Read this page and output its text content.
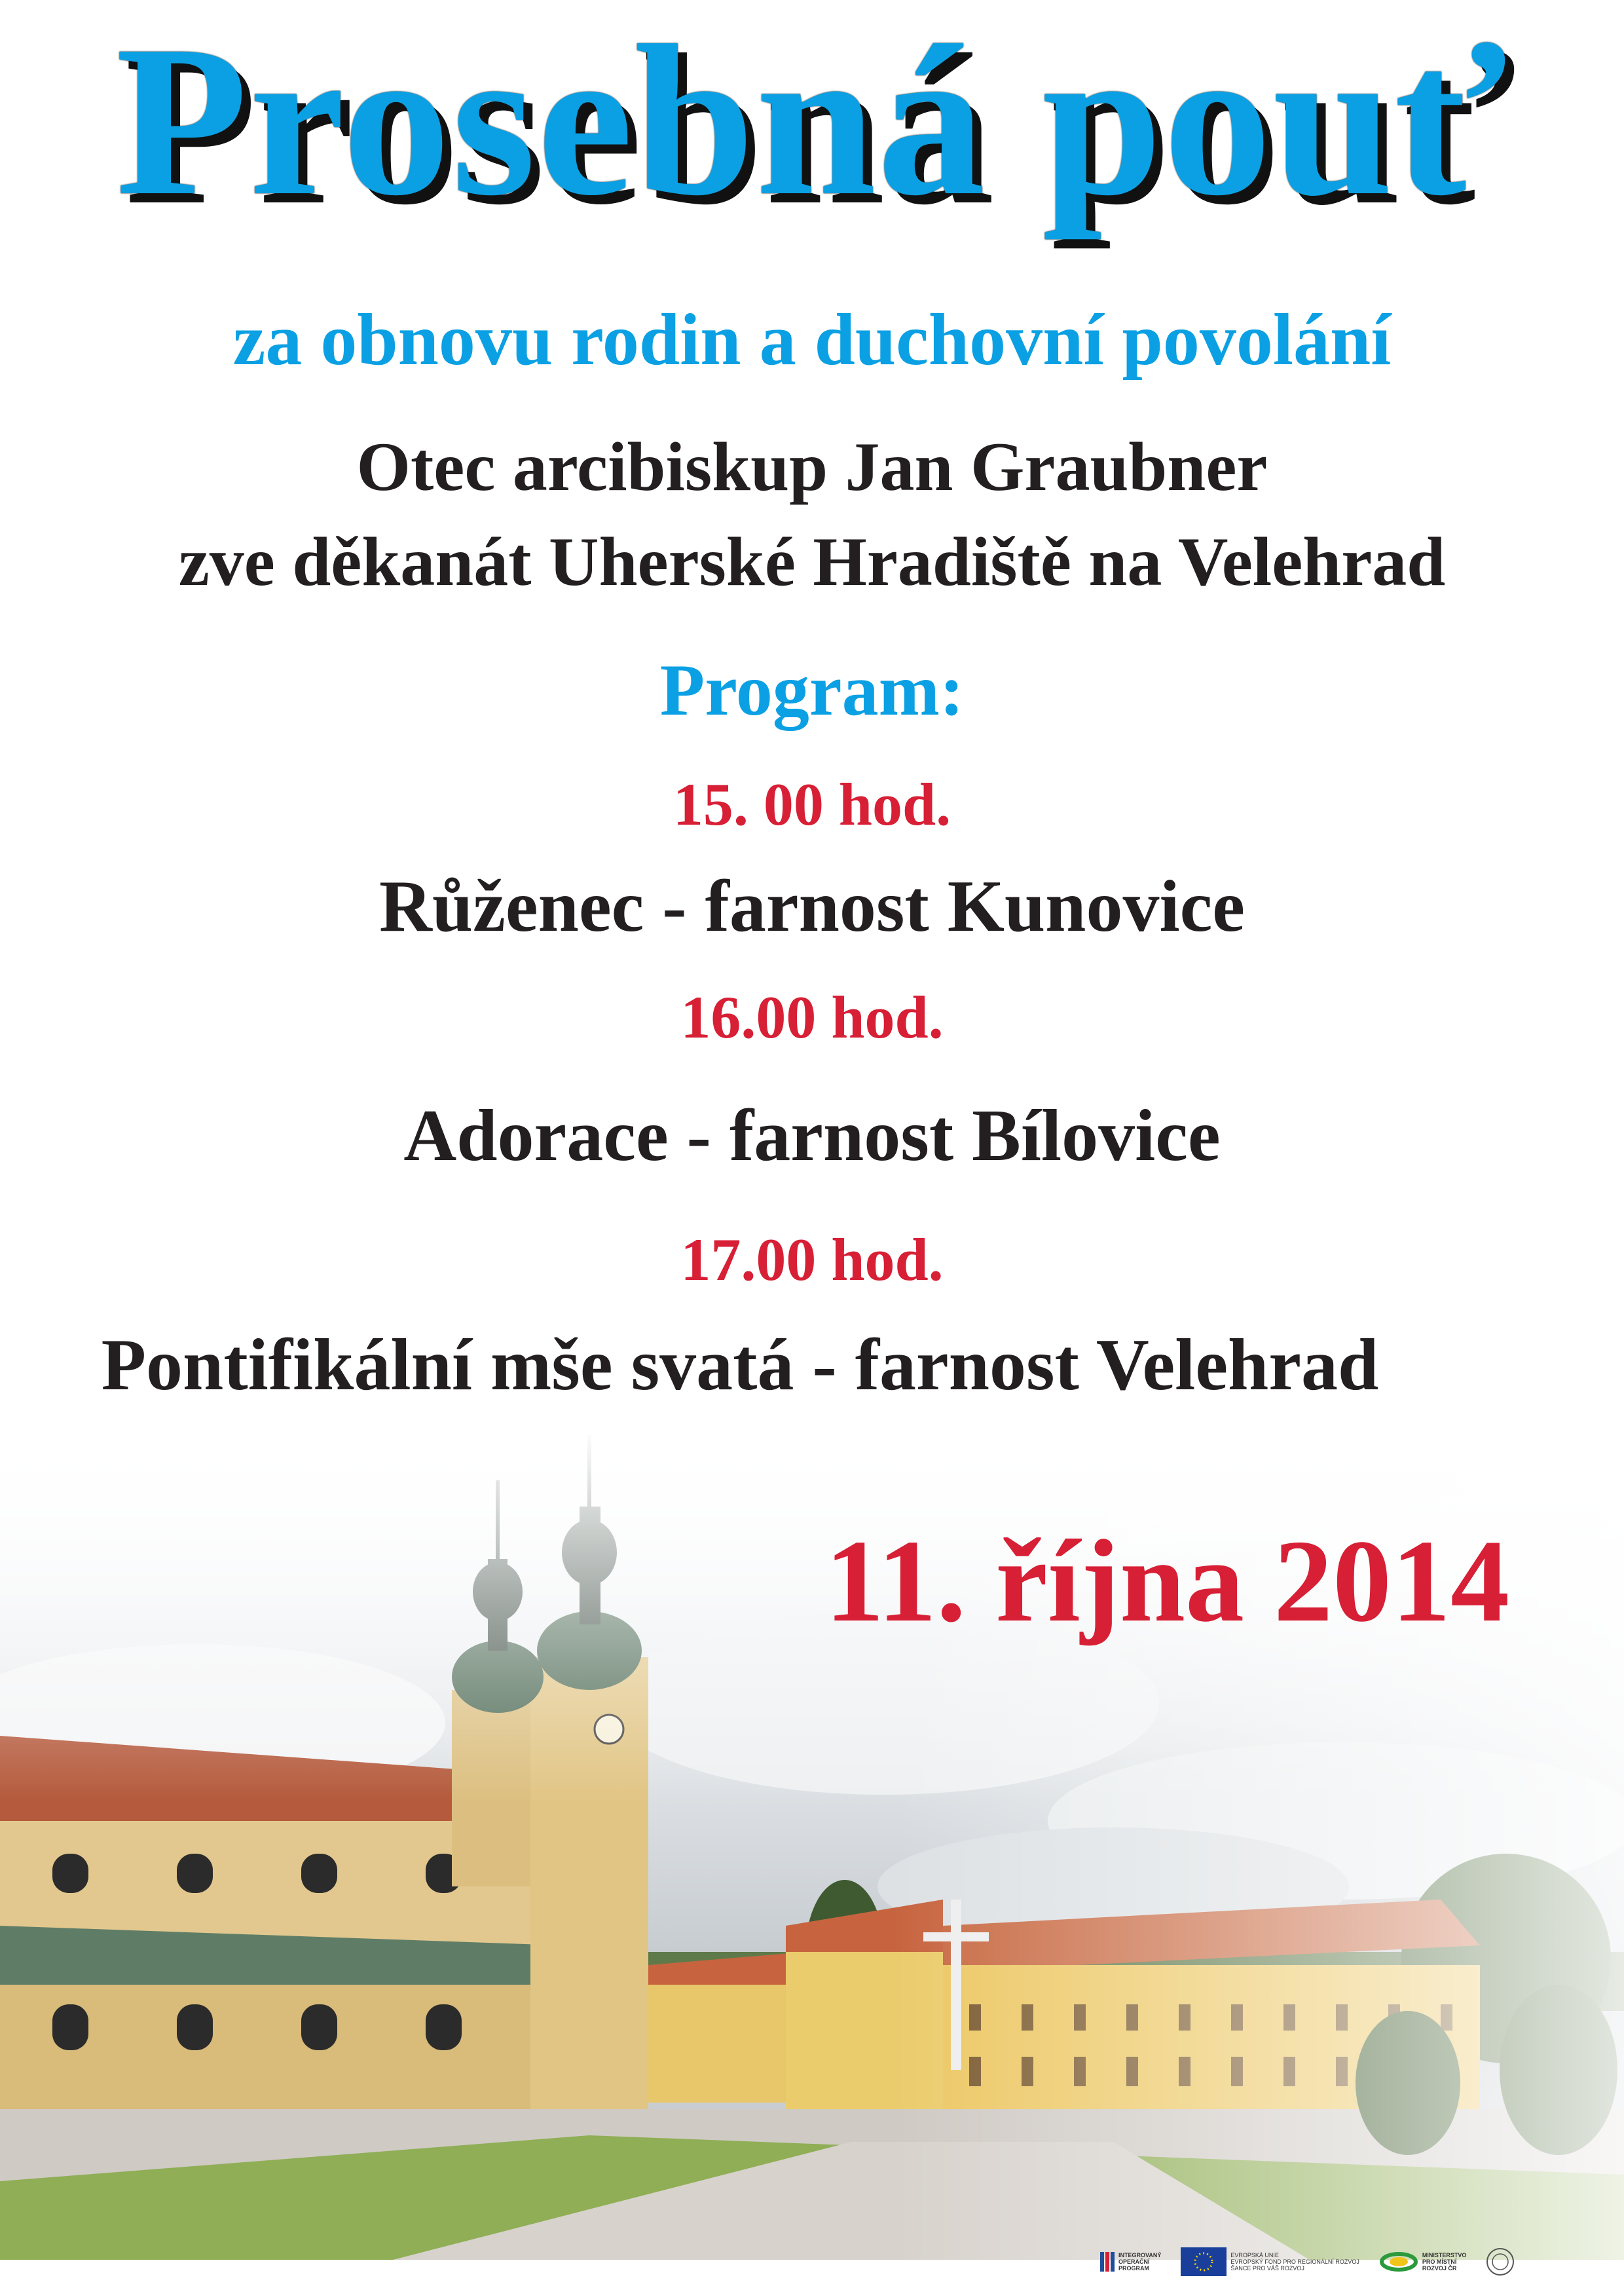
Prosebná pouť
za obnovu rodin a duchovní povolání
Otec arcibiskup Jan Graubner
zve děkanát Uherské Hradiště na Velehrad
Program:
15. 00 hod.
Růženec - farnost Kunovice
16.00 hod.
Adorace - farnost Bílovice
17.00 hod.
Pontifikální mše svatá - farnost Velehrad
11. října 2014
INTEGROVANÝ
OPERAČNÍ
PROGRAM
EVROPSKÁ UNIE
EVROPSKÝ FOND PRO REGIONÁLNÍ ROZVOJ
ŠANCE PRO VÁŠ ROZVOJ
MINISTERSTVO
PRO MÍSTNÍ
ROZVOJ ČR
